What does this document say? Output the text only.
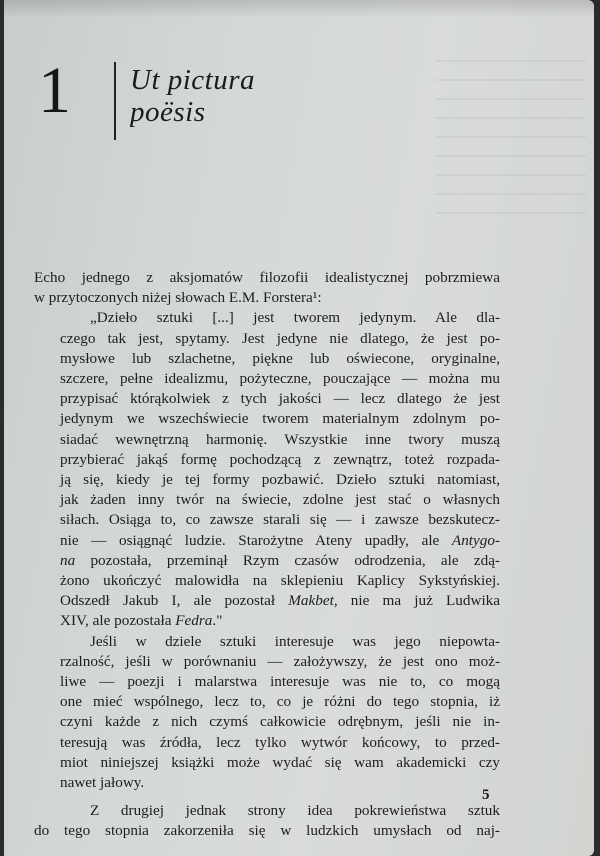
1 Ut pictura
poësis

Echo jednego z aksjomatów filozofii idealistycznej pobrzmiewa
w przytoczonych niżej słowach E.M. Forstera¹:

„Dzieło sztuki [...] jest tworem jedynym. Ale dla-
czego tak jest, spytamy. Jest jedyne nie dlatego, że jest po-
mysłowe lub szlachetne, piękne lub oświecone, oryginalne,
szczere, pełne idealizmu, pożyteczne, pouczające — można mu
przypisać którąkolwiek z tych jakości — lecz dlatego że jest
jedynym we wszechświecie tworem materialnym zdolnym po-
siadać wewnętrzną harmonię. Wszystkie inne twory muszą
przybierać jakąś formę pochodzącą z zewnątrz, toteż rozpada-
ją się, kiedy je tej formy pozbawić. Dzieło sztuki natomiast,
jak żaden inny twór na świecie, zdolne jest stać o własnych
siłach. Osiąga to, co zawsze starali się — i zawsze bezskutecz-
nie — osiągnąć ludzie. Starożytne Ateny upadły, ale Antygo-
na pozostała, przeminął Rzym czasów odrodzenia, ale zdą-
żono ukończyć malowidła na sklepieniu Kaplicy Sykstyńskiej.
Odszedł Jakub I, ale pozostał Makbet, nie ma już Ludwika
XIV, ale pozostała Fedra."

Jeśli w dziele sztuki interesuje was jego niepowta-
rzalność, jeśli w porównaniu — założywszy, że jest ono moż-
liwe — poezji i malarstwa interesuje was nie to, co mogą
one mieć wspólnego, lecz to, co je różni do tego stopnia, iż
czyni każde z nich czymś całkowicie odrębnym, jeśli nie in-
teresują was źródła, lecz tylko wytwór końcowy, to przed-
miot niniejszej książki może wydać się wam akademicki czy
nawet jałowy.

Z drugiej jednak strony idea pokrewieństwa sztuk
do tego stopnia zakorzeniła się w ludzkich umysłach od naj-

5
